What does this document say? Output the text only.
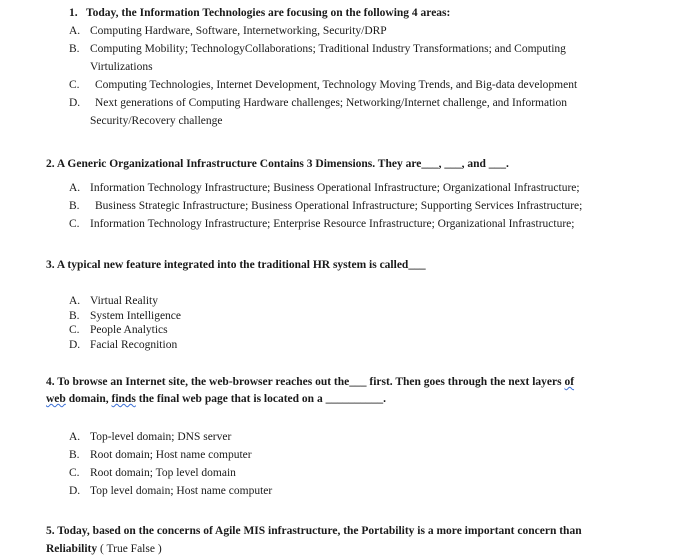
1. Today, the Information Technologies are focusing on the following 4 areas:
A. Computing Hardware, Software, Internetworking, Security/DRP
B. Computing Mobility; TechnologyCollaborations; Traditional Industry Transformations; and Computing
Virtulizations
C. Computing Technologies, Internet Development, Technology Moving Trends, and Big-data development
D. Next generations of Computing Hardware challenges; Networking/Internet challenge, and Information
Security/Recovery challenge
2. A Generic Organizational Infrastructure Contains 3 Dimensions. They are___, ___, and ___.
A. Information Technology Infrastructure; Business Operational Infrastructure; Organizational Infrastructure;
B. Business Strategic Infrastructure; Business Operational Infrastructure; Supporting Services Infrastructure;
C. Information Technology Infrastructure; Enterprise Resource Infrastructure; Organizational Infrastructure;
3. A typical new feature integrated into the traditional HR system is called___
A. Virtual Reality
B. System Intelligence
C. People Analytics
D. Facial Recognition
4. To browse an Internet site, the web-browser reaches out the___ first. Then goes through the next layers of
web domain, finds the final web page that is located on a __________.
A. Top-level domain; DNS server
B. Root domain; Host name computer
C. Root domain; Top level domain
D. Top level domain; Host name computer
5. Today, based on the concerns of Agile MIS infrastructure, the Portability is a more important concern than
Reliability ( True False )
